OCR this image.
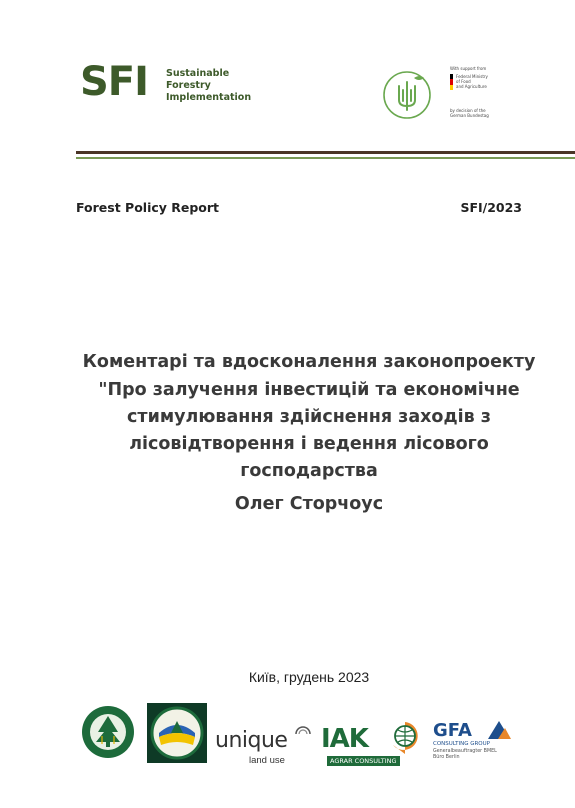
SFI Sustainable
Forestry
Implementation
With support from
Federal Ministry
of Food
and Agriculture
by decision of the
German Bundestag
Forest Policy Report	SFI/2023
Коментарі та вдосконалення законопроекту
"Про залучення інвестицій та економічне стимулювання здійснення заходів з лісовідтворення і ведення лісового господарства
Олег Сторчоус
Київ, грудень 2023
unique
land use
IAK
AGRAR CONSULTING
GFA
CONSULTING GROUP
Generalbeauftragter BMEL
Büro Berlin
